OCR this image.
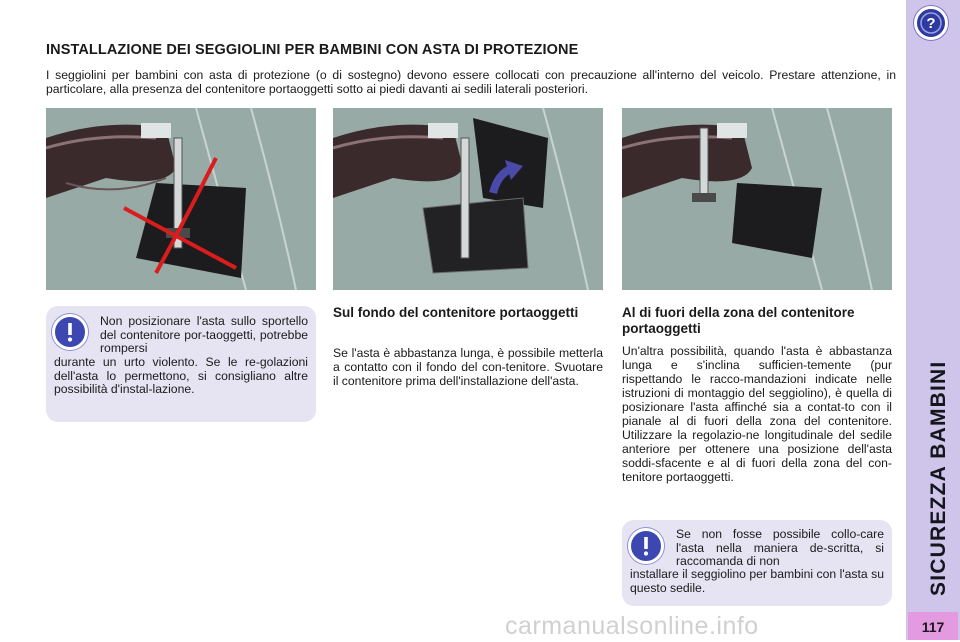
?
SICUREZZA BAMBINI
117
INSTALLAZIONE DEI SEGGIOLINI PER BAMBINI CON ASTA DI PROTEZIONE

I seggiolini per bambini con asta di protezione (o di sostegno) devono essere collocati con precauzione all'interno del veicolo. Prestare attenzione, in particolare, alla presenza del contenitore portaoggetti sotto ai piedi davanti ai sedili laterali posteriori.

Non posizionare l'asta sullo sportello del contenitore por-taoggetti, potrebbe rompersi

durante un urto violento. Se le re-golazioni dell'asta lo permettono, si consigliano altre possibilità d'instal-lazione.

Sul fondo del contenitore portaoggetti

Se l'asta è abbastanza lunga, è possibile metterla a contatto con il fondo del con-tenitore. Svuotare il contenitore prima dell'installazione dell'asta.

Al di fuori della zona del contenitore portaoggetti

Un'altra possibilità, quando l'asta è abbastanza lunga e s'inclina sufficien-temente (pur rispettando le racco-mandazioni indicate nelle istruzioni di montaggio del seggiolino), è quella di posizionare l'asta affinché sia a contat-to con il pianale al di fuori della zona del contenitore. Utilizzare la regolazio-ne longitudinale del sedile anteriore per ottenere una posizione dell'asta soddi-sfacente e al di fuori della zona del con-tenitore portaoggetti.

Se non fosse possibile collo-care l'asta nella maniera de-scritta, si raccomanda di non

installare il seggiolino per bambini con l'asta su questo sedile.

carmanualsonline.info
